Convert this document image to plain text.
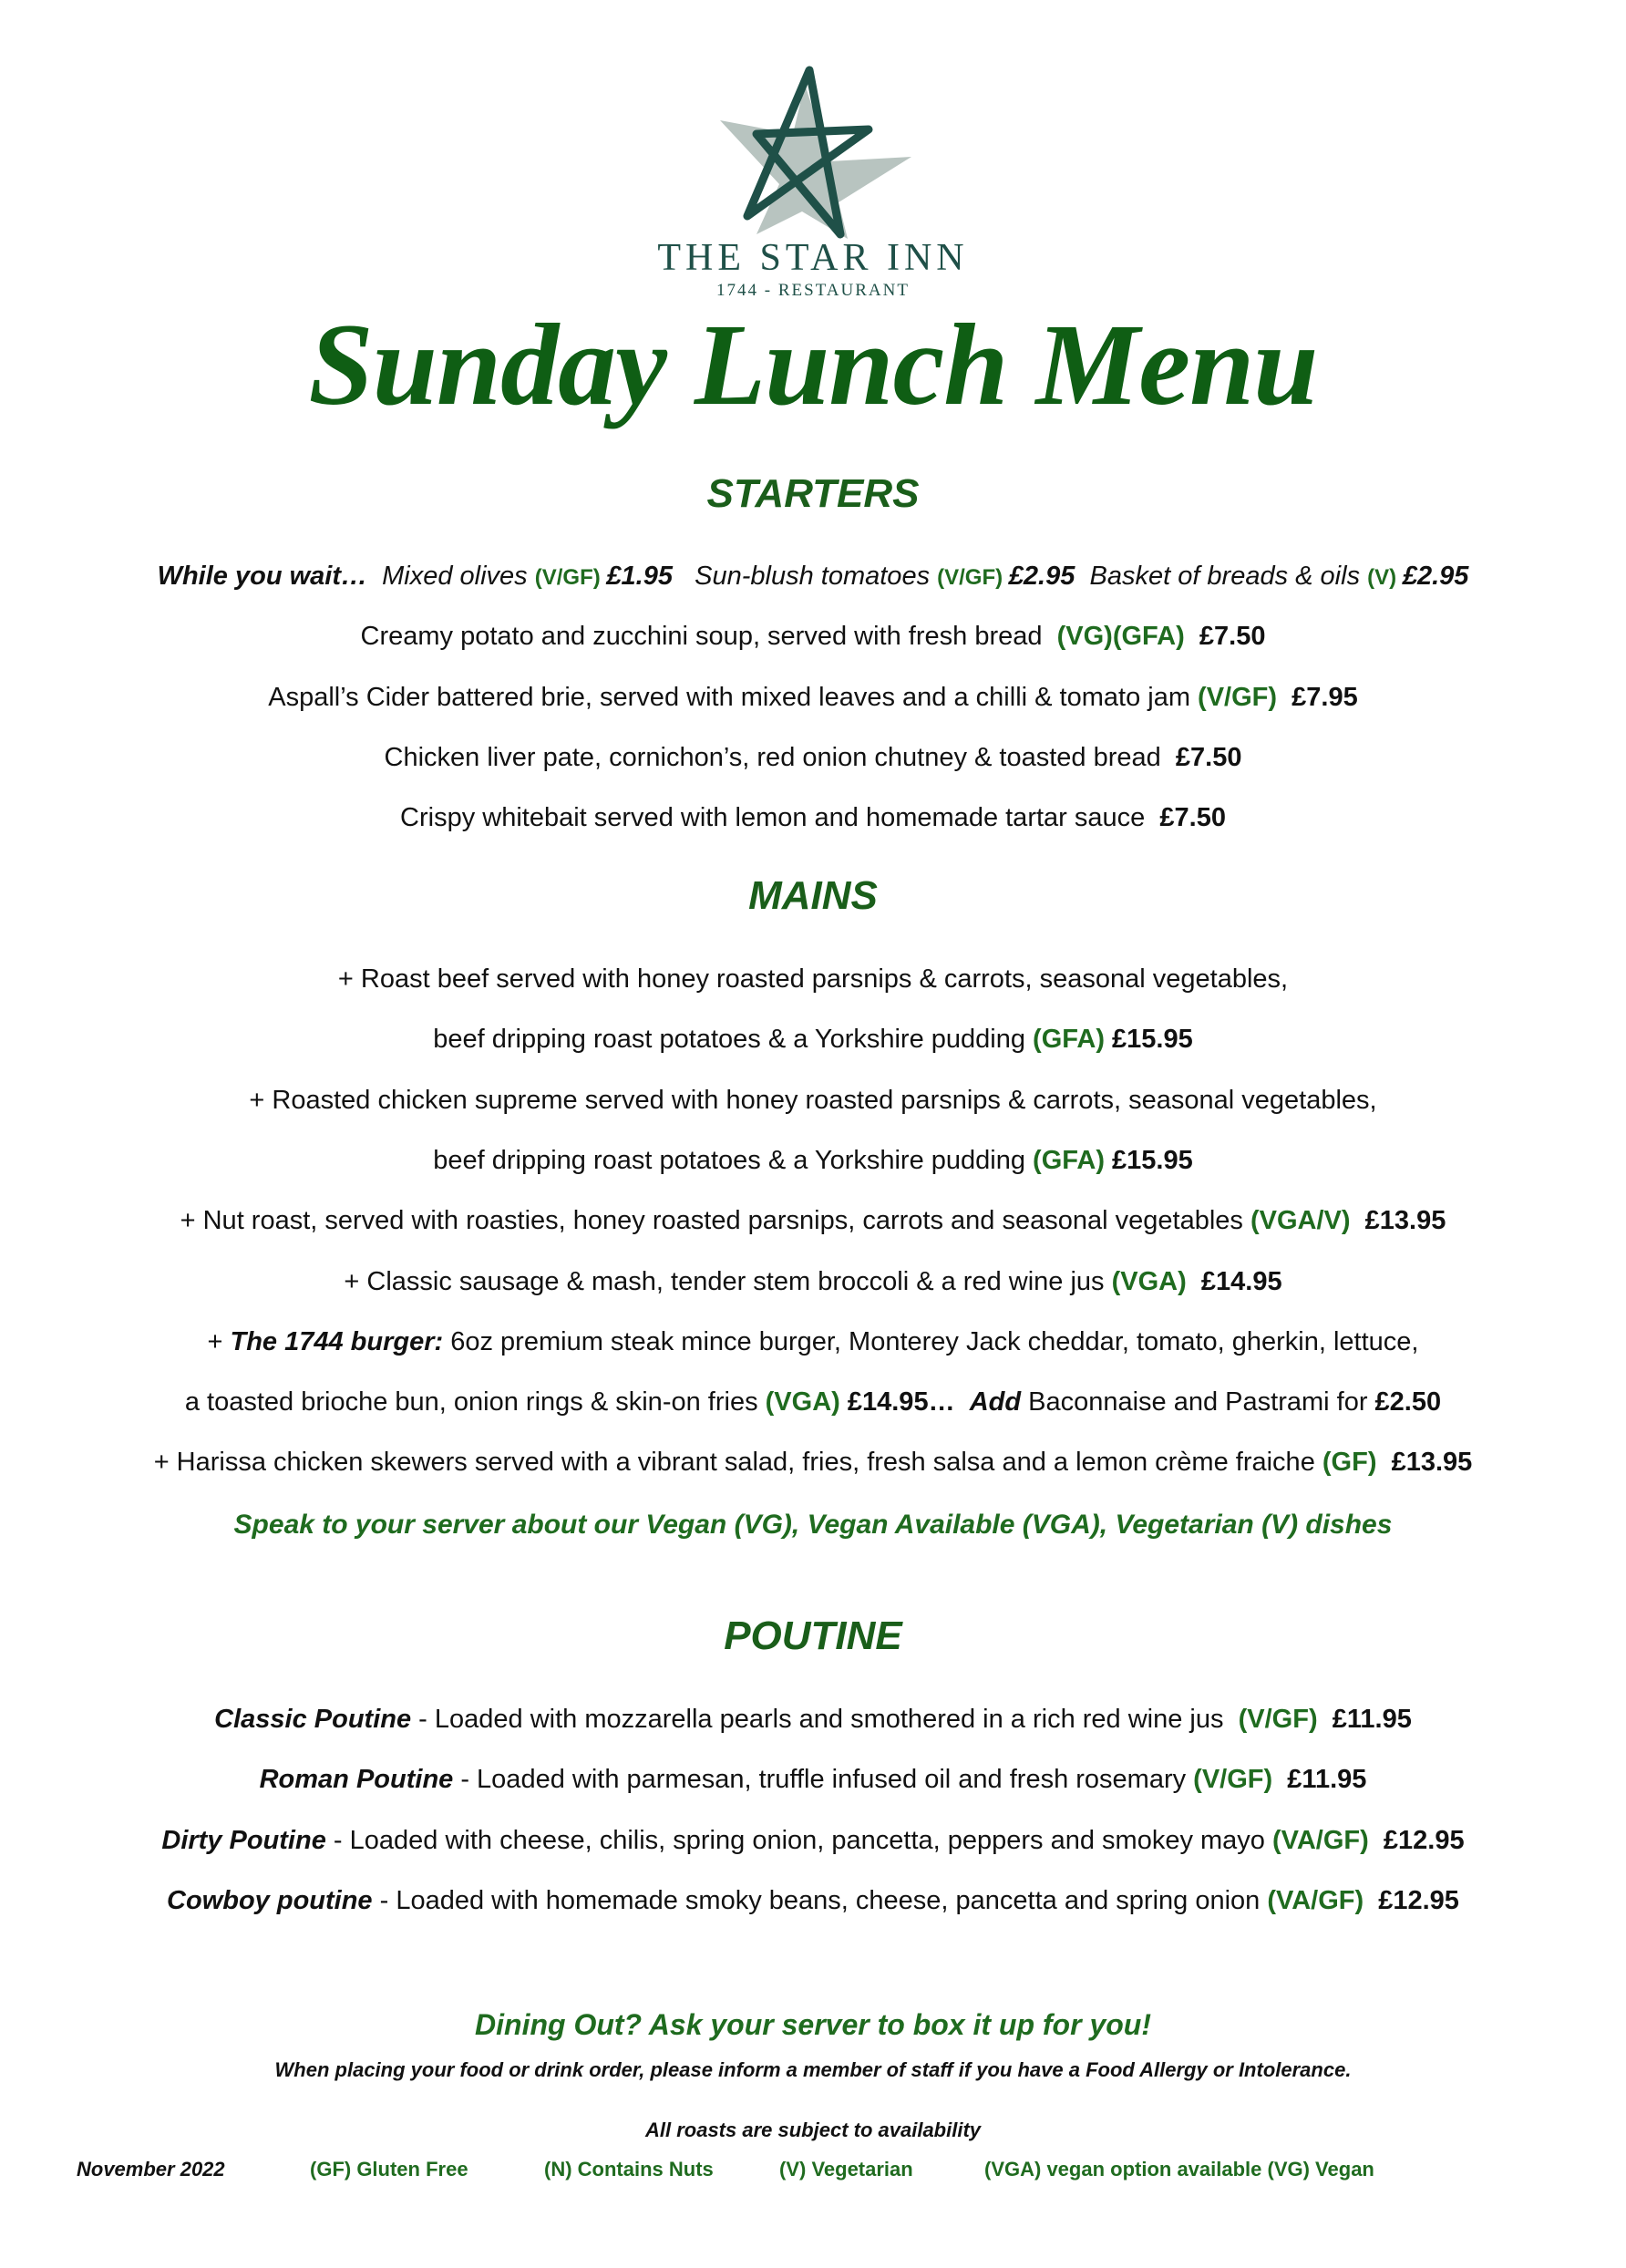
THE STAR INN
1744 - RESTAURANT
Sunday Lunch Menu
STARTERS
While you wait…  Mixed olives (V/GF) £1.95   Sun-blush tomatoes (V/GF) £2.95  Basket of breads & oils (V) £2.95
Creamy potato and zucchini soup, served with fresh bread  (VG)(GFA)  £7.50
Aspall’s Cider battered brie, served with mixed leaves and a chilli & tomato jam (V/GF)  £7.95
Chicken liver pate, cornichon’s, red onion chutney & toasted bread  £7.50
Crispy whitebait served with lemon and homemade tartar sauce  £7.50
MAINS
+ Roast beef served with honey roasted parsnips & carrots, seasonal vegetables,
beef dripping roast potatoes & a Yorkshire pudding (GFA) £15.95
+ Roasted chicken supreme served with honey roasted parsnips & carrots, seasonal vegetables,
beef dripping roast potatoes & a Yorkshire pudding (GFA) £15.95
+ Nut roast, served with roasties, honey roasted parsnips, carrots and seasonal vegetables (VGA/V)  £13.95
+ Classic sausage & mash, tender stem broccoli & a red wine jus (VGA)  £14.95
+ The 1744 burger: 6oz premium steak mince burger, Monterey Jack cheddar, tomato, gherkin, lettuce,
a toasted brioche bun, onion rings & skin-on fries (VGA) £14.95…  Add Baconnaise and Pastrami for £2.50
+ Harissa chicken skewers served with a vibrant salad, fries, fresh salsa and a lemon crème fraiche (GF)  £13.95
Speak to your server about our Vegan (VG), Vegan Available (VGA), Vegetarian (V) dishes
POUTINE
Classic Poutine - Loaded with mozzarella pearls and smothered in a rich red wine jus  (V/GF)  £11.95
Roman Poutine - Loaded with parmesan, truffle infused oil and fresh rosemary (V/GF)  £11.95
Dirty Poutine - Loaded with cheese, chilis, spring onion, pancetta, peppers and smokey mayo (VA/GF)  £12.95
Cowboy poutine - Loaded with homemade smoky beans, cheese, pancetta and spring onion (VA/GF)  £12.95
Dining Out? Ask your server to box it up for you!
When placing your food or drink order, please inform a member of staff if you have a Food Allergy or Intolerance.
All roasts are subject to availability
November 2022	(GF) Gluten Free	(N) Contains Nuts	(V) Vegetarian	(VGA) vegan option available (VG) Vegan
